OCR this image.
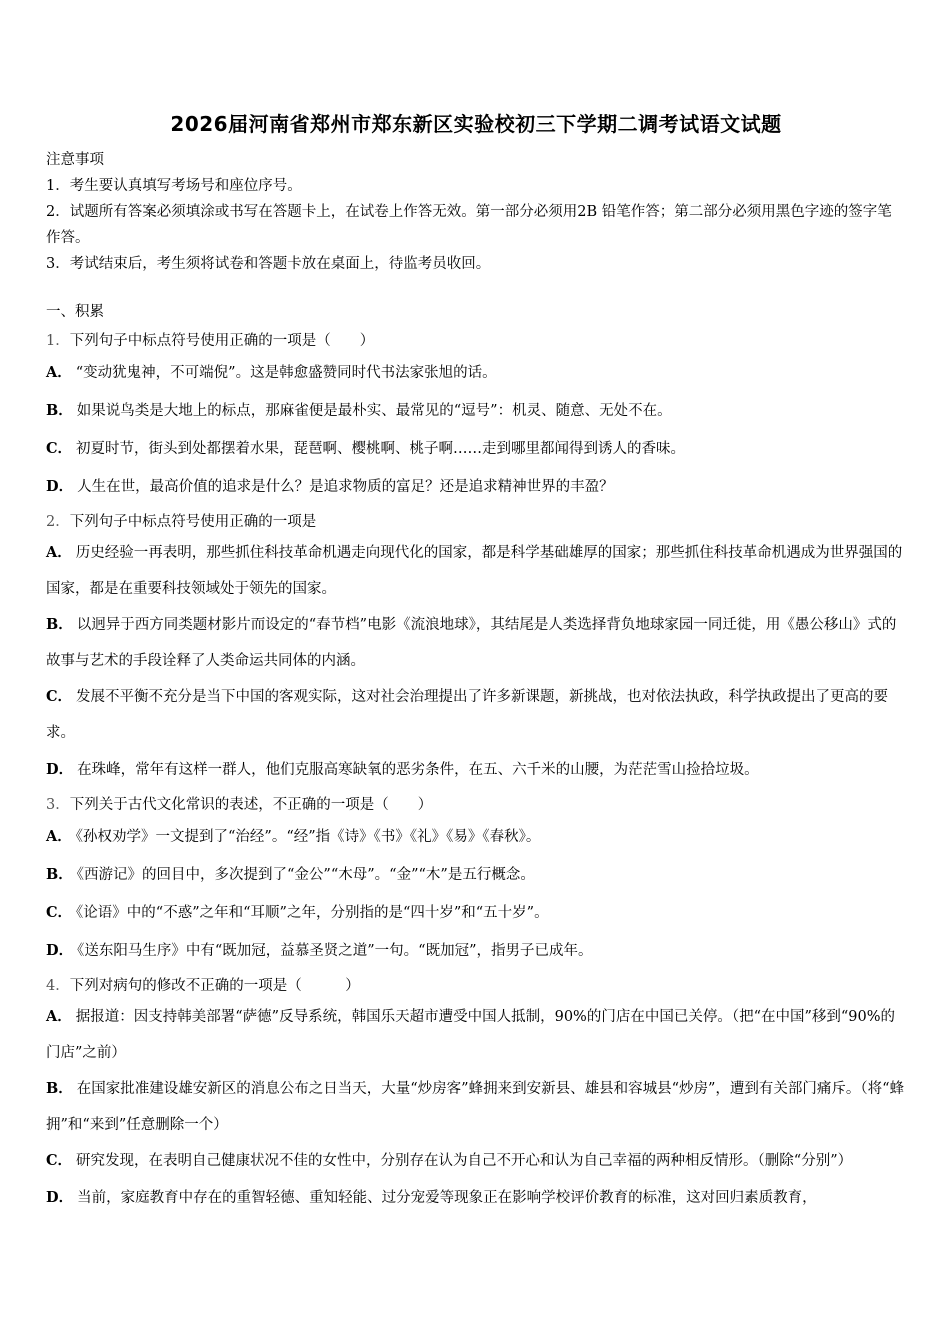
2026届河南省郑州市郑东新区实验校初三下学期二调考试语文试题
注意事项
1．考生要认真填写考场号和座位序号。
2．试题所有答案必须填涂或书写在答题卡上，在试卷上作答无效。第一部分必须用2B 铅笔作答；第二部分必须用黑色字迹的签字笔作答。
3．考试结束后，考生须将试卷和答题卡放在桌面上，待监考员收回。
一、积累
1．下列句子中标点符号使用正确的一项是（　　）
A． “变动犹鬼神，不可端倪”。这是韩愈盛赞同时代书法家张旭的话。
B． 如果说鸟类是大地上的标点，那麻雀便是最朴实、最常见的“逗号”：机灵、随意、无处不在。
C． 初夏时节，街头到处都摆着水果，琵琶啊、樱桃啊、桃子啊……走到哪里都闻得到诱人的香味。
D． 人生在世，最高价值的追求是什么？是追求物质的富足？还是追求精神世界的丰盈？
2．下列句子中标点符号使用正确的一项是
A． 历史经验一再表明，那些抓住科技革命机遇走向现代化的国家，都是科学基础雄厚的国家；那些抓住科技革命机遇成为世界强国的国家，都是在重要科技领域处于领先的国家。
B． 以迥异于西方同类题材影片而设定的“春节档”电影《流浪地球》，其结尾是人类选择背负地球家园一同迁徙，用《愚公移山》式的故事与艺术的手段诠释了人类命运共同体的内涵。
C． 发展不平衡不充分是当下中国的客观实际，这对社会治理提出了许多新课题，新挑战，也对依法执政，科学执政提出了更高的要求。
D． 在珠峰，常年有这样一群人，他们克服高寒缺氧的恶劣条件，在五、六千米的山腰，为茫茫雪山捡拾垃圾。
3．下列关于古代文化常识的表述，不正确的一项是（　　）
A． 《孙权劝学》一文提到了“治经”。“经”指《诗》《书》《礼》《易》《春秋》。
B． 《西游记》的回目中，多次提到了“金公”“木母”。“金”“木”是五行概念。
C． 《论语》中的“不惑”之年和“耳顺”之年，分别指的是“四十岁”和“五十岁”。
D． 《送东阳马生序》中有“既加冠，益慕圣贤之道”一句。“既加冠”，指男子已成年。
4．下列对病句的修改不正确的一项是（　　　）
A． 据报道：因支持韩美部署“萨德”反导系统，韩国乐天超市遭受中国人抵制，90%的门店在中国已关停。（把“在中国”移到“90%的门店”之前）
B． 在国家批准建设雄安新区的消息公布之日当天，大量“炒房客”蜂拥来到安新县、雄县和容城县“炒房”，遭到有关部门痛斥。（将“蜂拥”和“来到”任意删除一个）
C． 研究发现，在表明自己健康状况不佳的女性中，分别存在认为自己不开心和认为自己幸福的两种相反情形。（删除“分别”）
D． 当前，家庭教育中存在的重智轻德、重知轻能、过分宠爱等现象正在影响学校评价教育的标准，这对回归素质教育，
